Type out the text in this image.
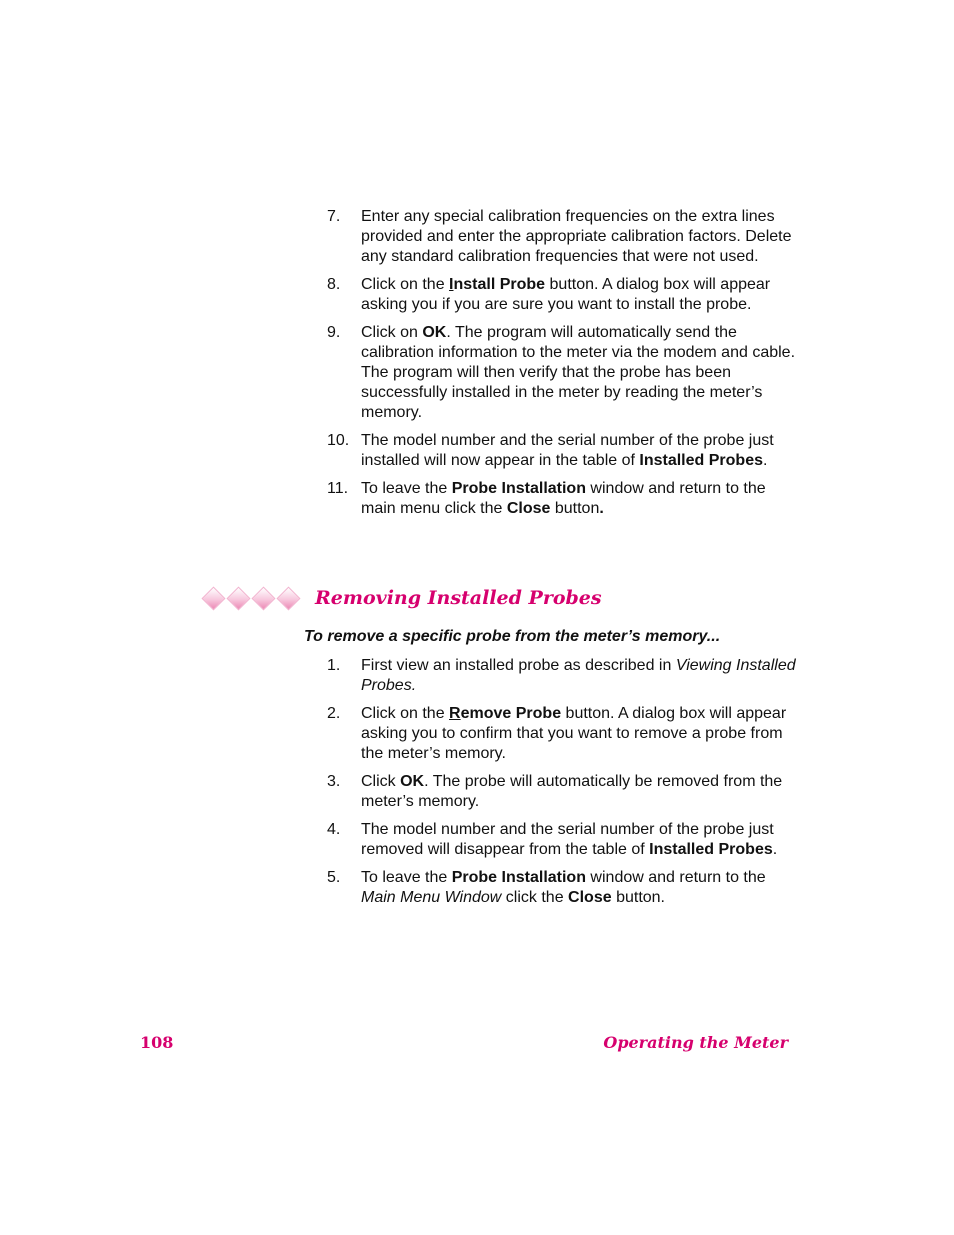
7.	Enter any special calibration frequencies on the extra lines provided and enter the appropriate calibration factors. Delete any standard calibration frequencies that were not used.
8.	Click on the Install Probe button. A dialog box will appear asking you if you are sure you want to install the probe.
9.	Click on OK. The program will automatically send the calibration information to the meter via the modem and cable. The program will then verify that the probe has been successfully installed in the meter by reading the meter’s memory.
10. The model number and the serial number of the probe just installed will now appear in the table of Installed Probes.
11. To leave the Probe Installation window and return to the main menu click the Close button.
Removing Installed Probes
To remove a specific probe from the meter’s memory...
1.	First view an installed probe as described in Viewing Installed Probes.
2.	Click on the Remove Probe button. A dialog box will appear asking you to confirm that you want to remove a probe from the meter’s memory.
3.	Click OK. The probe will automatically be removed from the meter’s memory.
4.	The model number and the serial number of the probe just removed will disappear from the table of Installed Probes.
5.	To leave the Probe Installation window and return to the Main Menu Window click the Close button.
108	Operating the Meter
